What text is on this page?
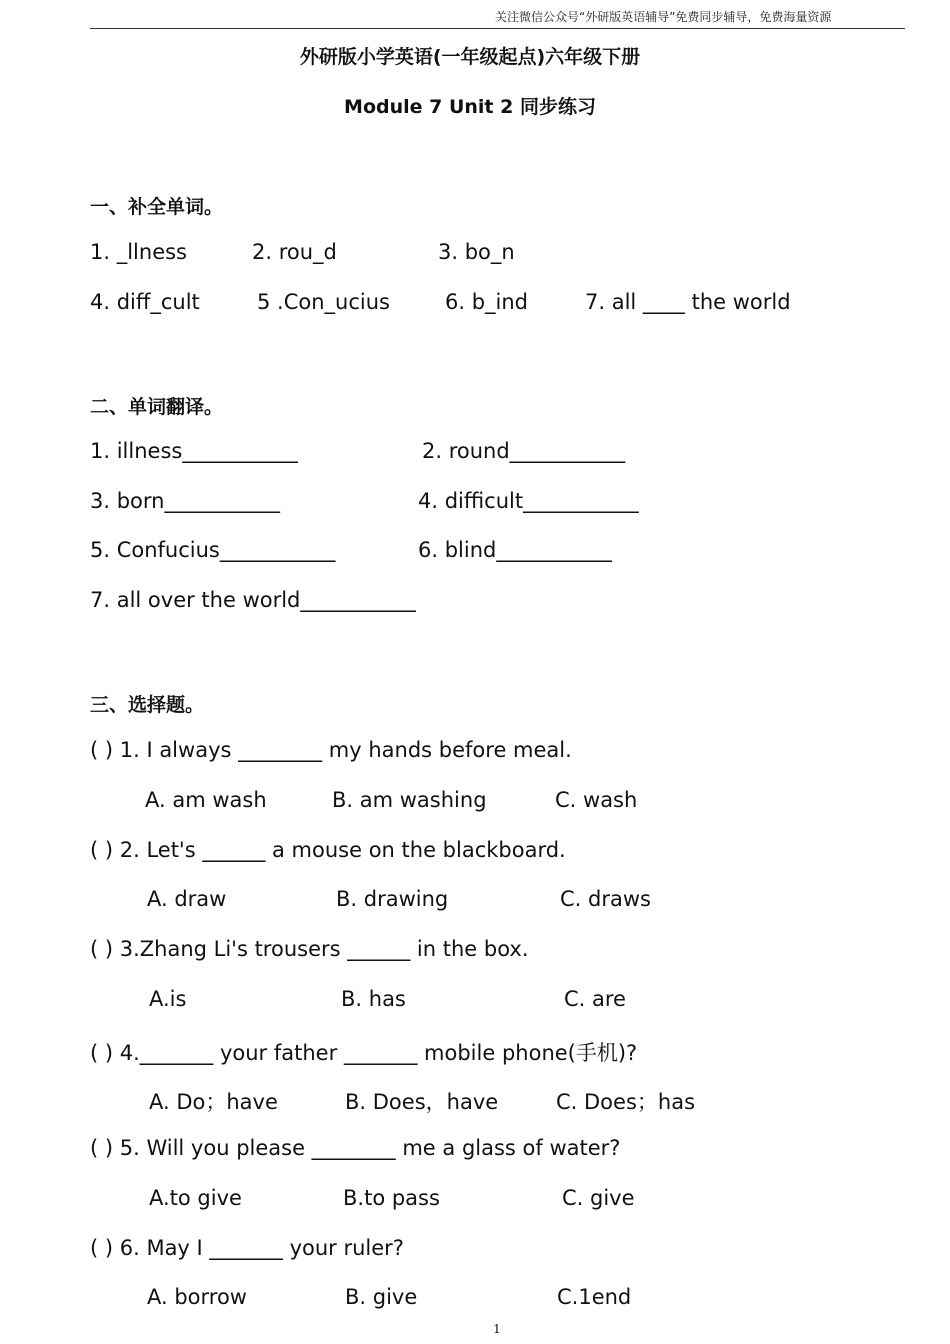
关注微信公众号“外研版英语辅导”免费同步辅导，免费海量资源
外研版小学英语(一年级起点)六年级下册
Module 7 Unit 2 同步练习
一、补全单词。
1. _llness	2. rou_d	3. bo_n
4. diff_cult	5 .Con_ucius	6. b_ind	7. all ____ the world
二、单词翻译。
1. illness___________	2. round___________
3. born___________	4. difficult___________
5. Confucius___________	6. blind___________
7. all over the world___________
三、选择题。
( ) 1. I always ________ my hands before meal.
A. am wash	B. am washing	C. wash
( ) 2. Let's ______ a mouse on the blackboard.
A. draw	B. drawing	C. draws
( ) 3.Zhang Li's trousers ______ in the box.
A.is	B. has	C. are
( ) 4._______ your father _______ mobile phone(手机)?
A. Do；have	B. Does，have	C. Does；has
( ) 5. Will you please ________ me a glass of water?
A.to give	B.to pass	C. give
( ) 6. May I _______ your ruler?
A. borrow	B. give	C.1end
1
